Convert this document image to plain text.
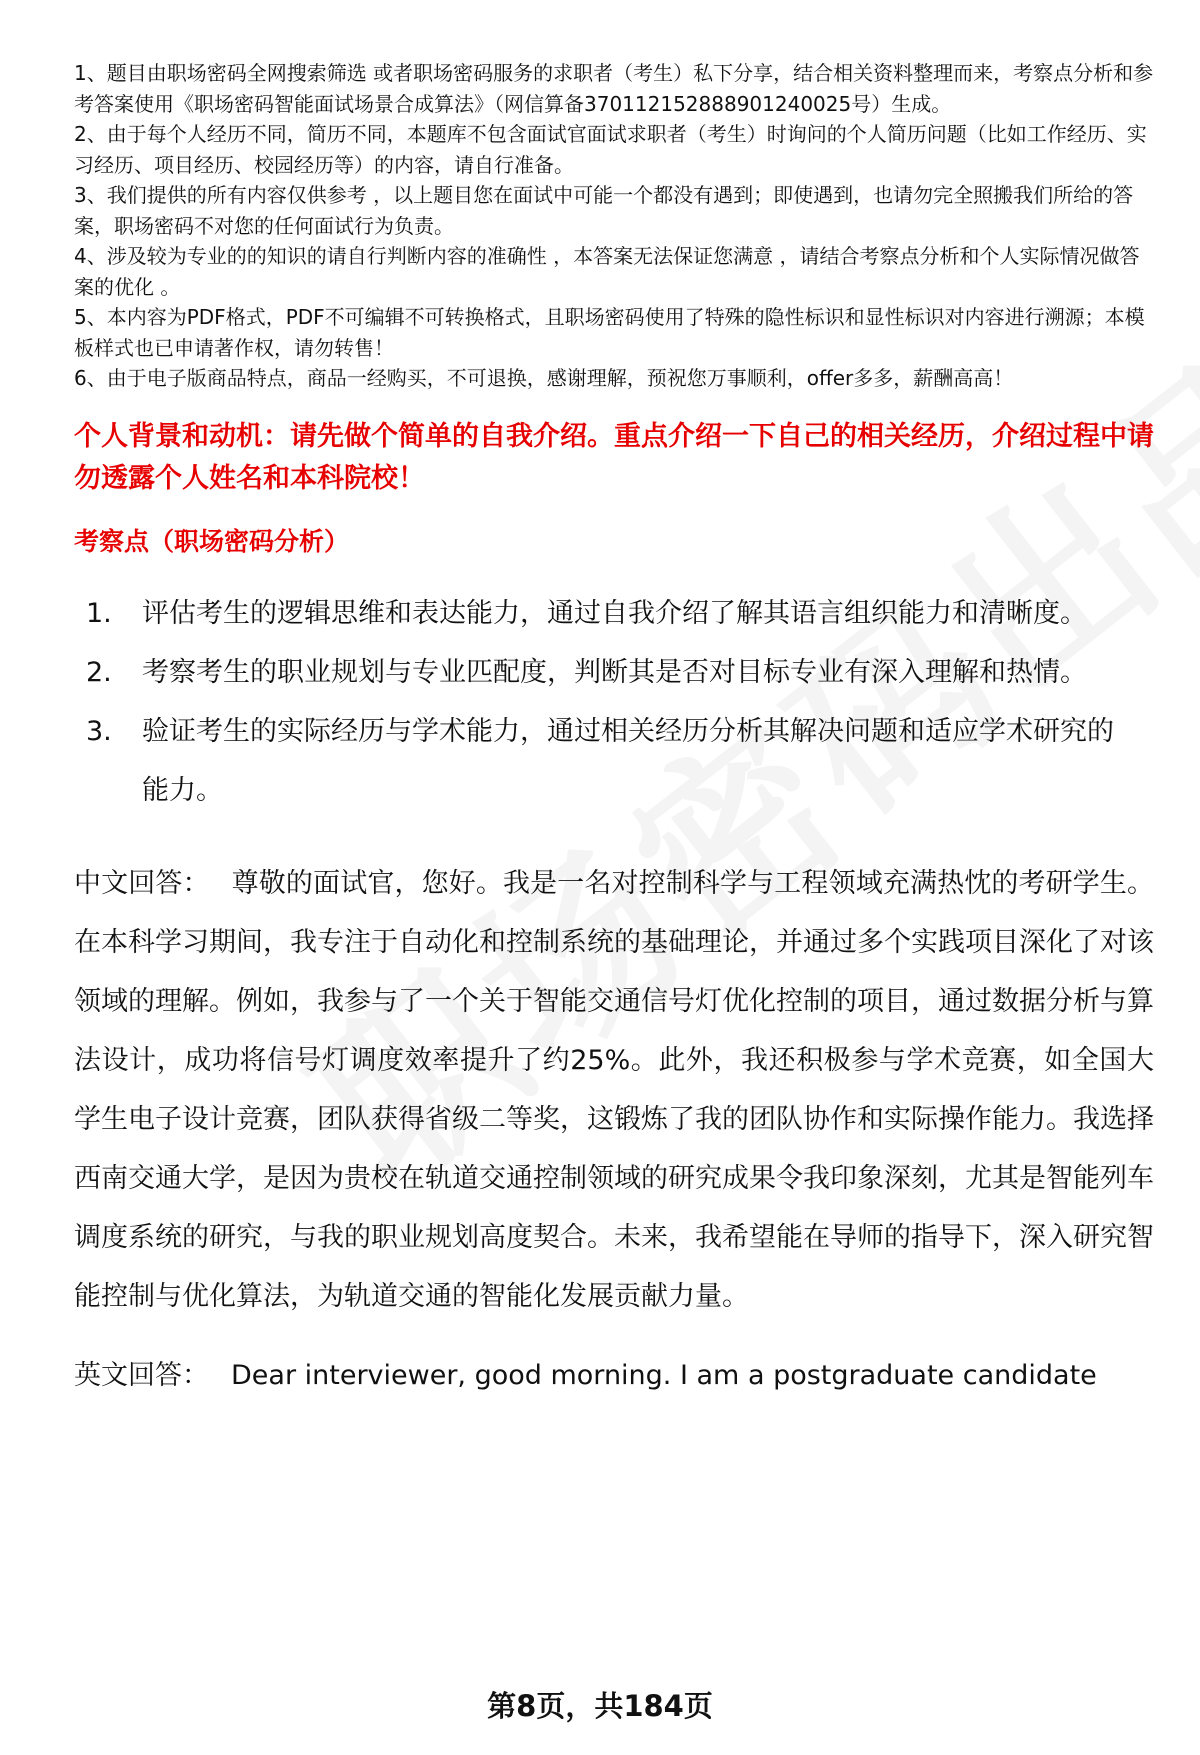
1、题目由职场密码全网搜索筛选 或者职场密码服务的求职者（考生）私下分享，结合相关资料整理而来，考察点分析和参考答案使用《职场密码智能面试场景合成算法》（网信算备370112152888901240025号）生成。

2、由于每个人经历不同，简历不同，本题库不包含面试官面试求职者（考生）时询问的个人简历问题（比如工作经历、实习经历、项目经历、校园经历等）的内容，请自行准备。

3、我们提供的所有内容仅供参考 ，以上题目您在面试中可能一个都没有遇到；即使遇到，也请勿完全照搬我们所给的答案，职场密码不对您的任何面试行为负责。

4、涉及较为专业的的知识的请自行判断内容的准确性 ，本答案无法保证您满意 ，请结合考察点分析和个人实际情况做答案的优化 。

5、本内容为PDF格式，PDF不可编辑不可转换格式，且职场密码使用了特殊的隐性标识和显性标识对内容进行溯源；本模板样式也已申请著作权，请勿转售！

6、由于电子版商品特点，商品一经购买，不可退换，感谢理解，预祝您万事顺利，offer多多，薪酬高高！

个人背景和动机：请先做个简单的自我介绍。重点介绍一下自己的相关经历，介绍过程中请勿透露个人姓名和本科院校！
考察点（职场密码分析）
1.	评估考生的逻辑思维和表达能力，通过自我介绍了解其语言组织能力和清晰度。
2.	考察考生的职业规划与专业匹配度，判断其是否对目标专业有深入理解和热情。
3.	验证考生的实际经历与学术能力，通过相关经历分析其解决问题和适应学术研究的能力。
中文回答： 尊敬的面试官，您好。我是一名对控制科学与工程领域充满热忱的考研学生。在本科学习期间，我专注于自动化和控制系统的基础理论，并通过多个实践项目深化了对该领域的理解。例如，我参与了一个关于智能交通信号灯优化控制的项目，通过数据分析与算法设计，成功将信号灯调度效率提升了约25%。此外，我还积极参与学术竞赛，如全国大学生电子设计竞赛，团队获得省级二等奖，这锻炼了我的团队协作和实际操作能力。我选择西南交通大学，是因为贵校在轨道交通控制领域的研究成果令我印象深刻，尤其是智能列车调度系统的研究，与我的职业规划高度契合。未来，我希望能在导师的指导下，深入研究智能控制与优化算法，为轨道交通的智能化发展贡献力量。
英文回答： Dear interviewer, good morning. I am a postgraduate candidate
第8页，共184页
